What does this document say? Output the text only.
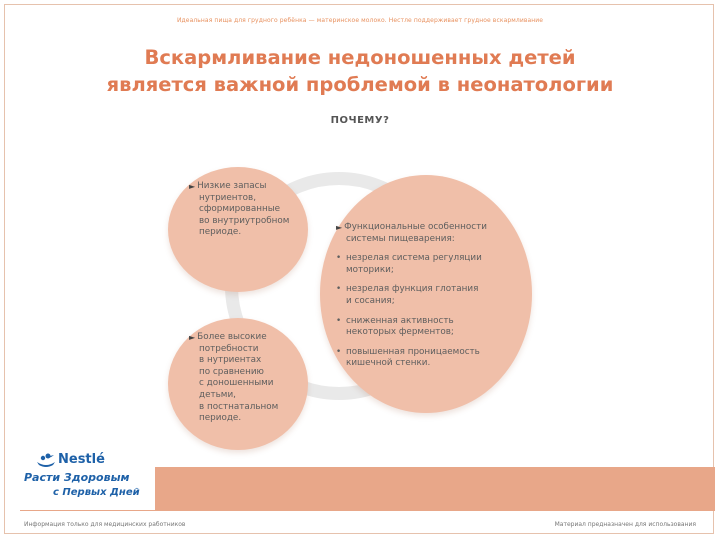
Идеальная пища для грудного ребёнка — материнское молоко. Нестле поддерживает грудное вскармливание
Вскармливание недоношенных детей
является важной проблемой в неонатологии
ПОЧЕМУ?
► Низкие запасы
нутриентов,
сформированные
во внутриутробном
периоде.
► Более высокие
потребности
в нутриентах
по сравнению
с доношенными
детьми,
в постнатальном
периоде.
► Функциональные особенности
системы пищеварения:
• незрелая система регуляции
моторики;
• незрелая функция глотания
и сосания;
• сниженная активность
некоторых ферментов;
• повышенная проницаемость
кишечной стенки.
Nestlé
Расти Здоровым
с Первых Дней
Информация только для медицинских работников	Материал предназначен для использования
